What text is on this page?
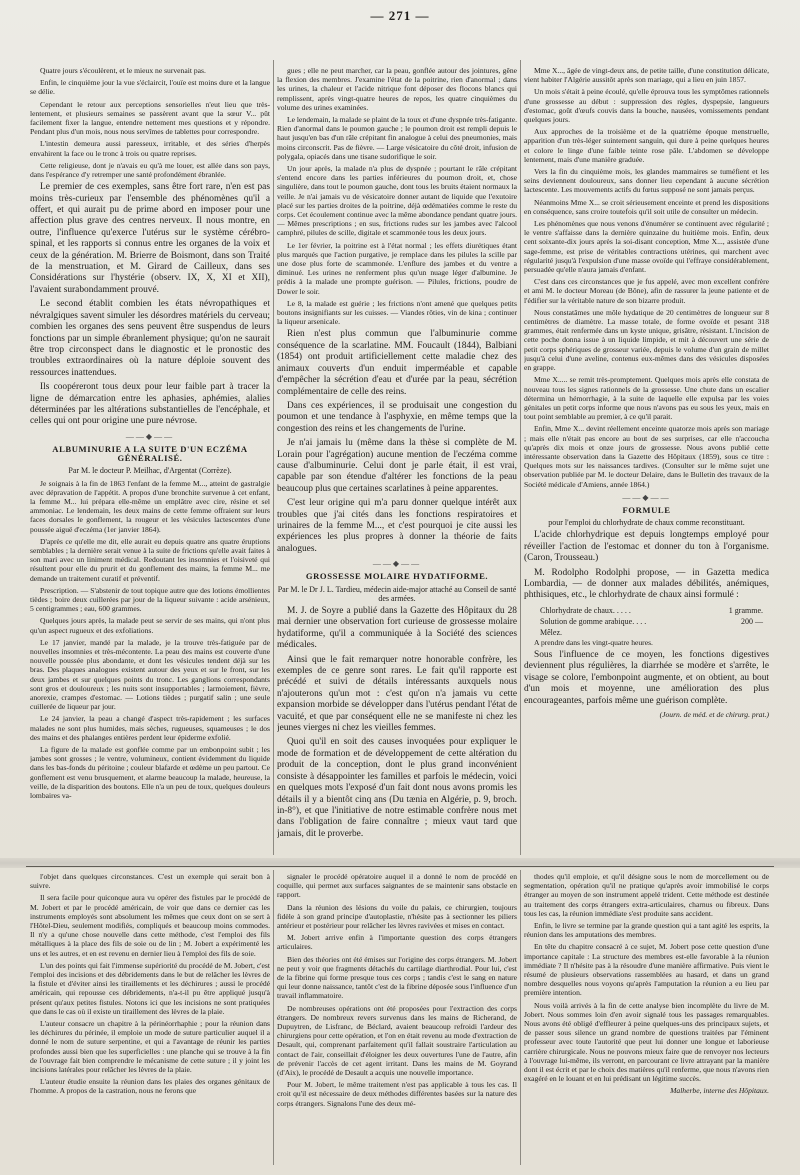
— 271 —

Quatre jours s'écoulèrent, et le mieux ne survenait pas.

Enfin, le cinquième jour la vue s'éclaircit, l'ouïe est moins dure et la langue se délie.

Cependant le retour aux perceptions sensorielles n'eut lieu que très-lentement, et plusieurs semaines se passèrent avant que la sœur V... pût facilement fixer la langue, entendre nettement mes questions et y répondre. Pendant plus d'un mois, nous nous servîmes de tablettes pour correspondre.

L'intestin demeura aussi paresseux, irritable, et des séries d'herpès envahirent la face ou le tronc à trois ou quatre reprises.

Cette religieuse, dont je n'avais eu qu'à me louer, est allée dans son pays, dans l'espérance d'y retremper une santé profondément ébranlée.

Le premier de ces exemples, sans être fort rare, n'en est pas moins très-curieux par l'ensemble des phénomènes qu'il a offert, et qui aurait pu de prime abord en imposer pour une affection plus grave des centres nerveux. Il nous montre, en outre, l'influence qu'exerce l'utérus sur le système cérébro-spinal, et les rapports si connus entre les organes de la voix et ceux de la génération. M. Brierre de Boismont, dans son Traité de la menstruation, et M. Girard de Cailleux, dans ses Considérations sur l'hystérie (observ. IX, X, XI et XII), l'avaient surabondamment prouvé.

Le second établit combien les états névropathiques et névralgiques savent simuler les désordres matériels du cerveau; combien les organes des sens peuvent être suspendus de leurs fonctions par un simple ébranlement physique; qu'on ne saurait être trop circonspect dans le diagnostic et le pronostic des troubles extraordinaires où la nature déploie souvent des ressources inattendues.

Ils coopéreront tous deux pour leur faible part à tracer la ligne de démarcation entre les aphasies, aphémies, alalies déterminées par les altérations substantielles de l'encéphale, et celles qui ont pour origine une pure névrose.

——◆——

ALBUMINURIE A LA SUITE D'UN ECZÉMA GÉNÉRALISÉ.

Par M. le docteur P. Meilhac, d'Argentat (Corrèze).

Je soignais à la fin de 1863 l'enfant de la femme M..., atteint de gastralgie avec dépravation de l'appétit. A propos d'une bronchite survenue à cet enfant, la femme M... lui prépara elle-même un emplâtre avec cire, résine et sel ammoniac. Le lendemain, les deux mains de cette femme offraient sur leurs faces dorsales le gonflement, la rougeur et les vésicules lactescentes d'une poussée aiguë d'eczéma (1er janvier 1864).

D'après ce qu'elle me dit, elle aurait eu depuis quatre ans quatre éruptions semblables ; la dernière serait venue à la suite de frictions qu'elle avait faites à son mari avec un liniment médical. Redoutant les insomnies et l'oisiveté qui résultent pour elle du prurit et du gonflement des mains, la femme M... me demande un traitement curatif et préventif.

Prescription. — S'abstenir de tout topique autre que des lotions émollientes tièdes ; boire deux cuillerées par jour de la liqueur suivante : acide arsénieux, 5 centigrammes ; eau, 600 grammes.

Quelques jours après, la malade peut se servir de ses mains, qui n'ont plus qu'un aspect rugueux et des exfoliations.

Le 17 janvier, mandé par la malade, je la trouve très-fatiguée par de nouvelles insomnies et très-mécontente. La peau des mains est couverte d'une nouvelle poussée plus abondante, et dont les vésicules tendent déjà sur les bras. Des plaques analogues existent autour des yeux et sur le front, sur les deux jambes et sur quelques points du tronc. Les ganglions correspondants sont gros et douloureux ; les nuits sont insupportables ; larmoiement, fièvre, anorexie, crampes d'estomac. — Lotions tièdes ; purgatif salin ; une seule cuillerée de liqueur par jour.

Le 24 janvier, la peau a changé d'aspect très-rapidement ; les surfaces malades ne sont plus humides, mais sèches, rugueuses, squameuses ; le dos des mains et des phalanges entières perdent leur épiderme exfolié.

La figure de la malade est gonflée comme par un embonpoint subit ; les jambes sont grosses ; le ventre, volumineux, contient évidemment du liquide dans les bas-fonds du péritoine ; couleur blafarde et œdème un peu partout. Ce gonflement est venu brusquement, et alarme beaucoup la malade, heureuse, la veille, de la disparition des boutons. Elle n'a un peu de toux, quelques douleurs lombaires va-

gues ; elle ne peut marcher, car la peau, gonflée autour des jointures, gêne la flexion des membres. J'examine l'état de la poitrine, rien d'anormal ; dans les urines, la chaleur et l'acide nitrique font déposer des flocons blancs qui remplissent, après vingt-quatre heures de repos, les quatre cinquièmes du volume des urines examinées.

Le lendemain, la malade se plaint de la toux et d'une dyspnée très-fatigante. Rien d'anormal dans le poumon gauche ; le poumon droit est rempli depuis le haut jusqu'en bas d'un râle crépitant fin analogue à celui des pneumonies, mais moins circonscrit. Pas de fièvre. — Large vésicatoire du côté droit, infusion de polygala, opiacés dans une tisane sudorifique le soir.

Un jour après, la malade n'a plus de dyspnée ; pourtant le râle crépitant s'entend encore dans les parties inférieures du poumon droit, et, chose singulière, dans tout le poumon gauche, dont tous les bruits étaient normaux la veille. Je n'ai jamais vu de vésicatoire donner autant de liquide que l'exutoire placé sur les parties droites de la poitrine, déjà œdématiées comme le reste du corps. Cet écoulement continue avec la même abondance pendant quatre jours. — Mêmes prescriptions ; en sus, frictions rudes sur les jambes avec l'alcool camphré, pilules de scille, digitale et scammonée tous les deux jours.

Le 1er février, la poitrine est à l'état normal ; les effets diurétiques étant plus marqués que l'action purgative, je remplace dans les pilules la scille par une dose plus forte de scammonée. L'enflure des jambes et du ventre a diminué. Les urines ne renferment plus qu'un nuage léger d'albumine. Je prédis à la malade une prompte guérison. — Pilules, frictions, poudre de Dower le soir.

Le 8, la malade est guérie ; les frictions n'ont amené que quelques petits boutons insignifiants sur les cuisses. — Viandes rôties, vin de kina ; continuer la liqueur arsenicale.

Rien n'est plus commun que l'albuminurie comme conséquence de la scarlatine. MM. Foucault (1844), Balbiani (1854) ont produit artificiellement cette maladie chez des animaux couverts d'un enduit imperméable et capable d'empêcher la sécrétion d'eau et d'urée par la peau, sécrétion complémentaire de celle des reins.

Dans ces expériences, il se produisait une congestion du poumon et une tendance à l'asphyxie, en même temps que la congestion des reins et les changements de l'urine.

Je n'ai jamais lu (même dans la thèse si complète de M. Lorain pour l'agrégation) aucune mention de l'eczéma comme cause d'albuminurie. Celui dont je parle était, il est vrai, capable par son étendue d'altérer les fonctions de la peau beaucoup plus que certaines scarlatines à peine apparentes.

C'est leur origine qui m'a paru donner quelque intérêt aux troubles que j'ai cités dans les fonctions respiratoires et urinaires de la femme M..., et c'est pourquoi je cite aussi les expériences les plus propres à donner la théorie de faits analogues.

——◆——

GROSSESSE MOLAIRE HYDATIFORME.

Par M. le Dr J. L. Tardieu, médecin aide-major attaché au Conseil de santé des armées.

M. J. de Soyre a publié dans la Gazette des Hôpitaux du 28 mai dernier une observation fort curieuse de grossesse molaire hydatiforme, qu'il a communiquée à la Société des sciences médicales.

Ainsi que le fait remarquer notre honorable confrère, les exemples de ce genre sont rares. Le fait qu'il rapporte est précédé et suivi de détails intéressants auxquels nous n'ajouterons qu'un mot : c'est qu'on n'a jamais vu cette expansion morbide se développer dans l'utérus pendant l'état de vacuité, et que par conséquent elle ne se manifeste ni chez les jeunes vierges ni chez les vieilles femmes.

Quoi qu'il en soit des causes invoquées pour expliquer le mode de formation et de développement de cette altération du produit de la conception, dont le plus grand inconvénient consiste à désappointer les familles et parfois le médecin, voici en quelques mots l'exposé d'un fait dont nous avons promis les détails il y a bientôt cinq ans (Du tænia en Algérie, p. 9, broch. in-8°), et que l'initiative de notre estimable confrère nous met dans l'obligation de faire connaître ; mieux vaut tard que jamais, dit le proverbe.

Mme X..., âgée de vingt-deux ans, de petite taille, d'une constitution délicate, vient habiter l'Algérie aussitôt après son mariage, qui a lieu en juin 1857.

Un mois s'était à peine écoulé, qu'elle éprouva tous les symptômes rationnels d'une grossesse au début : suppression des règles, dyspepsie, langueurs d'estomac, goût d'œufs couvis dans la bouche, nausées, vomissements pendant quelques jours.

Aux approches de la troisième et de la quatrième époque menstruelle, apparition d'un très-léger suintement sanguin, qui dure à peine quelques heures et colore le linge d'une faible teinte rose pâle. L'abdomen se développe lentement, mais d'une manière graduée.

Vers la fin du cinquième mois, les glandes mammaires se tuméfient et les seins deviennent douloureux, sans donner lieu cependant à aucune sécrétion lactescente. Les mouvements actifs du fœtus supposé ne sont jamais perçus.

Néanmoins Mme X... se croit sérieusement enceinte et prend les dispositions en conséquence, sans croire toutefois qu'il soit utile de consulter un médecin.

Les phénomènes que nous venons d'énumérer se continuent avec régularité ; le ventre s'affaisse dans la dernière quinzaine du huitième mois. Enfin, deux cent soixante-dix jours après la soi-disant conception, Mme X..., assistée d'une sage-femme, est prise de véritables contractions utérines, qui marchent avec régularité jusqu'à l'expulsion d'une masse ovoïde qui l'effraye considérablement, persuadée qu'elle n'aura jamais d'enfant.

C'est dans ces circonstances que je fus appelé, avec mon excellent confrère et ami M. le docteur Moreau (de Bône), afin de rassurer la jeune patiente et de l'édifier sur la véritable nature de son bizarre produit.

Nous constatâmes une môle hydatique de 20 centimètres de longueur sur 8 centimètres de diamètre. La masse totale, de forme ovoïde et pesant 318 grammes, était renfermée dans un kyste unique, grisâtre, résistant. L'incision de cette poche donna issue à un liquide limpide, et mit à découvert une série de petit corps sphériques de grosseur variée, depuis le volume d'un grain de millet jusqu'à celui d'une aveline, contenus eux-mêmes dans des vésicules disposées en grappe.

Mme X..... se remit très-promptement. Quelques mois après elle constata de nouveau tous les signes rationnels de la grossesse. Une chute dans un escalier détermina un hémorrhagie, à la suite de laquelle elle expulsa par les voies génitales un petit corps informe que nous n'avons pas eu sous les yeux, mais en tout point semblable au premier, à ce qu'il parait.

Enfin, Mme X... devint réellement enceinte quatorze mois après son mariage ; mais elle n'était pas encore au bout de ses surprises, car elle n'accoucha qu'après dix mois et onze jours de grossesse. Nous avons publié cette intéressante observation dans la Gazette des Hôpitaux (1859), sous ce titre : Quelques mots sur les naissances tardives. (Consulter sur le même sujet une observation publiée par M. le docteur Delaire, dans le Bulletin des travaux de la Société médicale d'Amiens, année 1864.)

——◆——

FORMULE

pour l'emploi du chlorhydrate de chaux comme reconstituant.

L'acide chlorhydrique est depuis longtemps employé pour réveiller l'action de l'estomac et donner du ton à l'organisme. (Caron, Trousseau.)

M. Rodolpho Rodolphi propose, — in Gazetta medica Lombardia, — de donner aux malades débilités, anémiques, phthisiques, etc., le chlorhydrate de chaux ainsi formulé :

Chlorhydrate de chaux. . . . .	1 gramme.
Solution de gomme arabique. . . .	200 —
Mêlez.

A prendre dans les vingt-quatre heures.

Sous l'influence de ce moyen, les fonctions digestives deviennent plus régulières, la diarrhée se modère et s'arrête, le visage se colore, l'embonpoint augmente, et on obtient, au bout d'un mois et moyenne, une amélioration des plus encourageantes, parfois même une guérison complète.

(Journ. de méd. et de chirurg. prat.)

l'objet dans quelques circonstances. C'est un exemple qui serait bon à suivre.

Il sera facile pour quiconque aura vu opérer des fistules par le procédé de M. Jobert et par le procédé américain, de voir que dans ce dernier cas les instruments employés sont absolument les mêmes que ceux dont on se sert à l'Hôtel-Dieu, seulement modifiés, compliqués et beaucoup moins commodes. Il n'y a qu'une chose nouvelle dans cette méthode, c'est l'emploi des fils métalliques à la place des fils de soie ou de lin ; M. Jobert a expérimenté les uns et les autres, et en est revenu en dernier lieu à l'emploi des fils de soie.

L'un des points qui fait l'immense supériorité du procédé de M. Jobert, c'est l'emploi des incisions et des débridements dans le but de relâcher les lèvres de la fistule et d'éviter ainsi les tiraillements et les déchirures ; aussi le procédé américain, qui repousse ces débridements, n'a-t-il pu être appliqué jusqu'à présent qu'aux petites fistules. Notons ici que les incisions ne sont pratiquées que dans le cas où il existe un tiraillement des lèvres de la plaie.

L'auteur consacre un chapitre à la périnéorrhaphie ; pour la réunion dans les déchirures du périnée, il emploie un mode de suture particulier auquel il a donné le nom de suture serpentine, et qui a l'avantage de réunir les parties profondes aussi bien que les superficielles : une planche qui se trouve à la fin de l'ouvrage fait bien comprendre le mécanisme de cette suture ; il y joint les incisions latérales pour relâcher les lèvres de la plaie.

L'auteur étudie ensuite la réunion dans les plaies des organes génitaux de l'homme. A propos de la castration, nous ne ferons que

signaler le procédé opératoire auquel il a donné le nom de procédé en coquille, qui permet aux surfaces saignantes de se maintenir sans obstacle en rapport.

Dans la réunion des lésions du voile du palais, ce chirurgien, toujours fidèle à son grand principe d'autoplastie, n'hésite pas à sectionner les piliers antérieur et postérieur pour relâcher les lèvres ravivées et mises en contact.

M. Jobert arrive enfin à l'importante question des corps étrangers articulaires.

Bien des théories ont été émises sur l'origine des corps étrangers. M. Jobert ne peut y voir que fragments détachés du cartilage diarthrodial. Pour lui, c'est de la fibrine qui forme presque tous ces corps ; tandis c'est le sang en nature qui leur donne naissance, tantôt c'est de la fibrine déposée sous l'influence d'un travail inflammatoire.

De nombreuses opérations ont été proposées pour l'extraction des corps étrangers. De nombreux revers survenus dans les mains de Richerand, de Dupuytren, de Lisfranc, de Béclard, avaient beaucoup refroidi l'ardeur des chirurgiens pour cette opération, et l'on en était revenu au mode d'extraction de Desault, qui, comprenant parfaitement qu'il fallait soustraire l'articulation au contact de l'air, conseillait d'éloigner les deux ouvertures l'une de l'autre, afin de prévenir l'accès de cet agent irritant. Dans les mains de M. Goyrand (d'Aix), le procédé de Desault a acquis une nouvelle importance.

Pour M. Jobert, le même traitement n'est pas applicable à tous les cas. Il croit qu'il est nécessaire de deux méthodes différentes basées sur la nature des corps étrangers. Signalons l'une des deux mé-

thodes qu'il emploie, et qu'il désigne sous le nom de morcellement ou de segmentation, opération qu'il ne pratique qu'après avoir immobilisé le corps étranger au moyen de son instrument appelé trident. Cette méthode est destinée au traitement des corps étrangers extra-articulaires, charnus ou fibreux. Dans tous les cas, la réunion immédiate s'est produite sans accident.

Enfin, le livre se termine par la grande question qui a tant agité les esprits, la réunion dans les amputations des membres.

En tête du chapitre consacré à ce sujet, M. Jobert pose cette question d'une importance capitale : La structure des membres est-elle favorable à la réunion immédiate ? Il n'hésite pas à la résoudre d'une manière affirmative. Puis vient le résumé de plusieurs observations rassemblées au hasard, et dans un grand nombre desquelles nous voyons qu'après l'amputation la réunion a eu lieu par première intention.

Nous voilà arrivés à la fin de cette analyse bien incomplète du livre de M. Jobert. Nous sommes loin d'en avoir signalé tous les passages remarquables. Nous avons été obligé d'effleurer à peine quelques-uns des principaux sujets, et de passer sous silence un grand nombre de questions traitées par l'éminent professeur avec toute l'autorité que peut lui donner une longue et laborieuse carrière chirurgicale. Nous ne pouvons mieux faire que de renvoyer nos lecteurs à l'ouvrage lui-même, ils verront, en parcourant ce livre attrayant par la manière dont il est écrit et par le choix des matières qu'il renferme, que nous n'avons rien exagéré en le louant et en lui prédisant un légitime succès.

Malherbe, interne des Hôpitaux.
